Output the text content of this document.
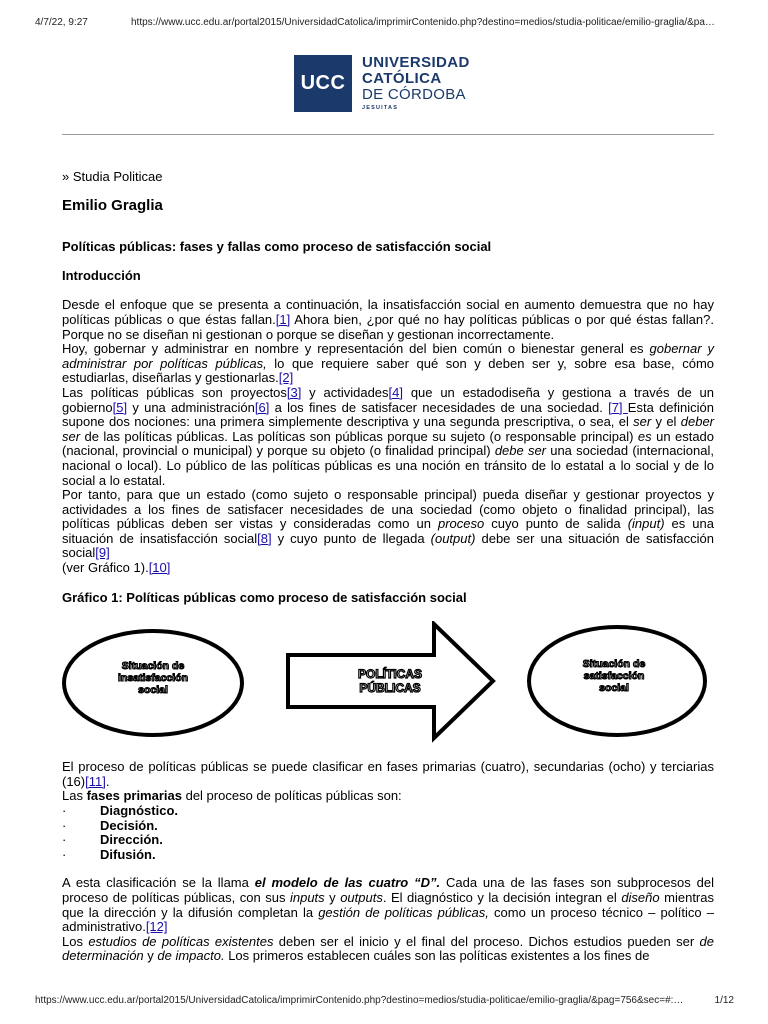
4/7/22, 9:27	https://www.ucc.edu.ar/portal2015/UniversidadCatolica/imprimirContenido.php?destino=medios/studia-politicae/emilio-graglia/&pa…
UCC
UNIVERSIDAD
CATÓLICA
DE CÓRDOBA
JESUITAS

» Studia Politicae

Emilio Graglia

Políticas públicas: fases y fallas como proceso de satisfacción social

Introducción

Desde el enfoque que se presenta a continuación, la insatisfacción social en aumento demuestra que no hay políticas públicas o que éstas fallan.[1] Ahora bien, ¿por qué no hay políticas públicas o por qué éstas fallan?. Porque no se diseñan ni gestionan o porque se diseñan y gestionan incorrectamente.

Hoy, gobernar y administrar en nombre y representación del bien común o bienestar general es gobernar y administrar por políticas públicas, lo que requiere saber qué son y deben ser y, sobre esa base, cómo estudiarlas, diseñarlas y gestionarlas.[2]

Las políticas públicas son proyectos[3] y actividades[4] que un estadodiseña y gestiona a través de un gobierno[5] y una administración[6] a los fines de satisfacer necesidades de una sociedad. [7] Esta definición supone dos nociones: una primera simplemente descriptiva y una segunda prescriptiva, o sea, el ser y el deber ser de las políticas públicas. Las políticas son públicas porque su sujeto (o responsable principal) es un estado (nacional, provincial o municipal) y porque su objeto (o finalidad principal) debe ser una sociedad (internacional, nacional o local). Lo público de las políticas públicas es una noción en tránsito de lo estatal a lo social y de lo social a lo estatal.

Por tanto, para que un estado (como sujeto o responsable principal) pueda diseñar y gestionar proyectos y actividades a los fines de satisfacer necesidades de una sociedad (como objeto o finalidad principal), las políticas públicas deben ser vistas y consideradas como un proceso cuyo punto de salida (input) es una situación de insatisfacción social[8] y cuyo punto de llegada (output) debe ser una situación de satisfacción social[9]

(ver Gráfico 1).[10]

Gráfico 1: Políticas públicas como proceso de satisfacción social

Situación de
insatisfacción
social
POLÍTICAS
PÚBLICAS
Situación de
satisfacción
social

El proceso de políticas públicas se puede clasificar en fases primarias (cuatro), secundarias (ocho) y terciarias (16)[11].

Las fases primarias del proceso de políticas públicas son:

·	Diagnóstico.
·	Decisión.
·	Dirección.
·	Difusión.

A esta clasificación se la llama el modelo de las cuatro “D”. Cada una de las fases son subprocesos del proceso de políticas públicas, con sus inputs y outputs. El diagnóstico y la decisión integran el diseño mientras que la dirección y la difusión completan la gestión de políticas públicas, como un proceso técnico – político – administrativo.[12]

Los estudios de políticas existentes deben ser el inicio y el final del proceso. Dichos estudios pueden ser de determinación y de impacto. Los primeros establecen cuáles son las políticas existentes a los fines de

https://www.ucc.edu.ar/portal2015/UniversidadCatolica/imprimirContenido.php?destino=medios/studia-politicae/emilio-graglia/&pag=756&sec=#:…	1/12
